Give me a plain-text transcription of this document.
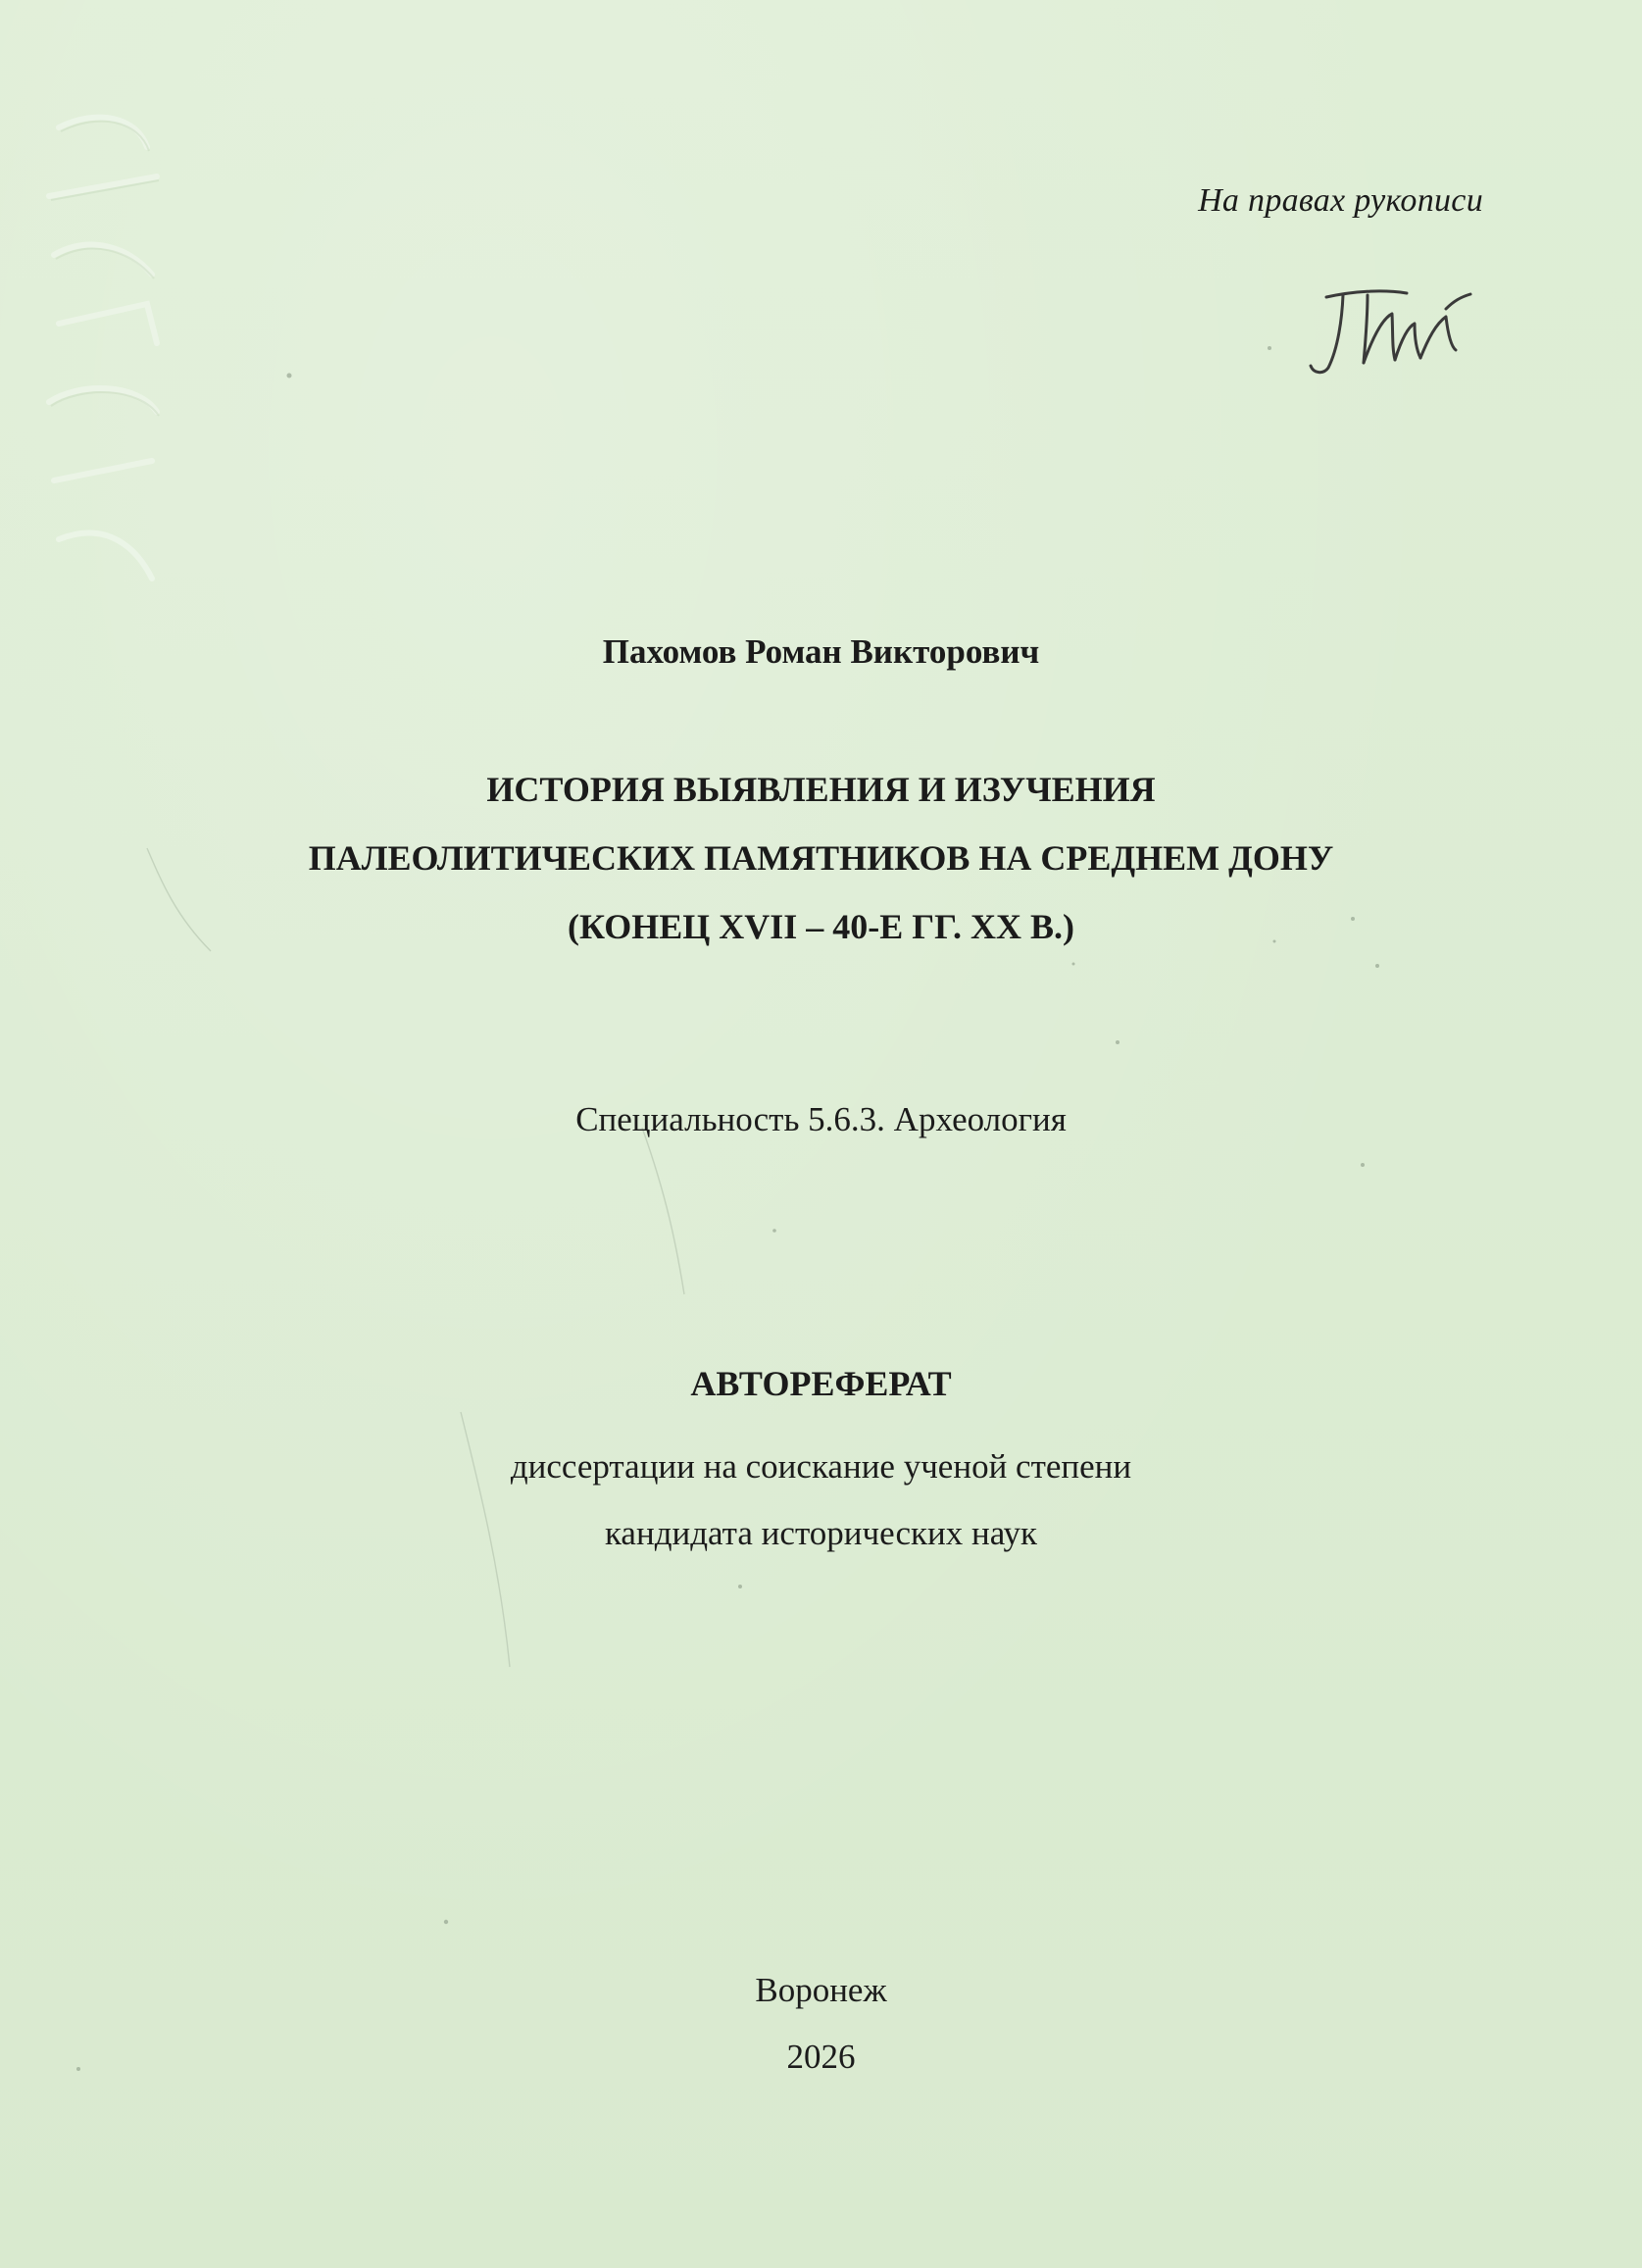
На правах рукописи

Пахомов Роман Викторович

ИСТОРИЯ ВЫЯВЛЕНИЯ И ИЗУЧЕНИЯ
ПАЛЕОЛИТИЧЕСКИХ ПАМЯТНИКОВ НА СРЕДНЕМ ДОНУ
(КОНЕЦ XVII – 40-Е ГГ. XX В.)

Специальность 5.6.3. Археология

АВТОРЕФЕРАТ

диссертации на соискание ученой степени
кандидата исторических наук

Воронеж

2026
